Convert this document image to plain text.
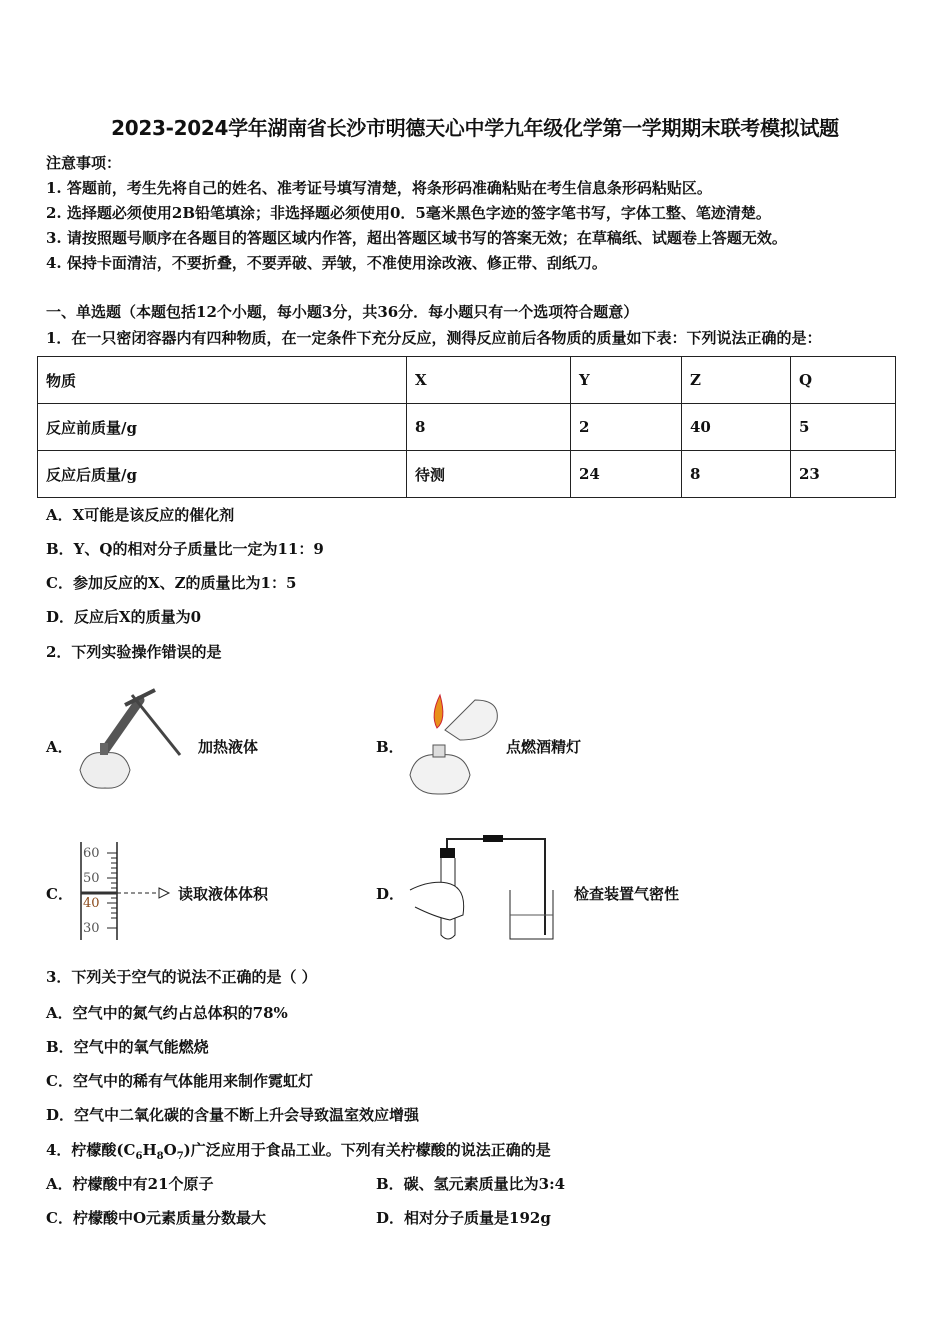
2023-2024学年湖南省长沙市明德天心中学九年级化学第一学期期末联考模拟试题
注意事项：
1. 答题前，考生先将自己的姓名、准考证号填写清楚，将条形码准确粘贴在考生信息条形码粘贴区。
2. 选择题必须使用2B铅笔填涂；非选择题必须使用0．5毫米黑色字迹的签字笔书写，字体工整、笔迹清楚。
3. 请按照题号顺序在各题目的答题区域内作答，超出答题区域书写的答案无效；在草稿纸、试题卷上答题无效。
4. 保持卡面清洁，不要折叠，不要弄破、弄皱，不准使用涂改液、修正带、刮纸刀。
一、单选题（本题包括12个小题，每小题3分，共36分．每小题只有一个选项符合题意）
1．在一只密闭容器内有四种物质，在一定条件下充分反应，测得反应前后各物质的质量如下表：下列说法正确的是：
物质	X	Y	Z	Q
反应前质量/g	8	2	40	5
反应后质量/g	待测	24	8	23
A．X可能是该反应的催化剂
B．Y、Q的相对分子质量比一定为11：9
C．参加反应的X、Z的质量比为1：5
D．反应后X的质量为0
2．下列实验操作错误的是
A．	加热液体	B．	点燃酒精灯
C．
60
50
40
30
读取液体体积	D．	检查装置气密性
3．下列关于空气的说法不正确的是（ ）
A．空气中的氮气约占总体积的78%
B．空气中的氧气能燃烧
C．空气中的稀有气体能用来制作霓虹灯
D．空气中二氧化碳的含量不断上升会导致温室效应增强
4．柠檬酸$(C_6H_8O_7)$广泛应用于食品工业。下列有关柠檬酸的说法正确的是
A．柠檬酸中有21个原子	B．碳、氢元素质量比为3:4
C．柠檬酸中O元素质量分数最大	D．相对分子质量是192g
